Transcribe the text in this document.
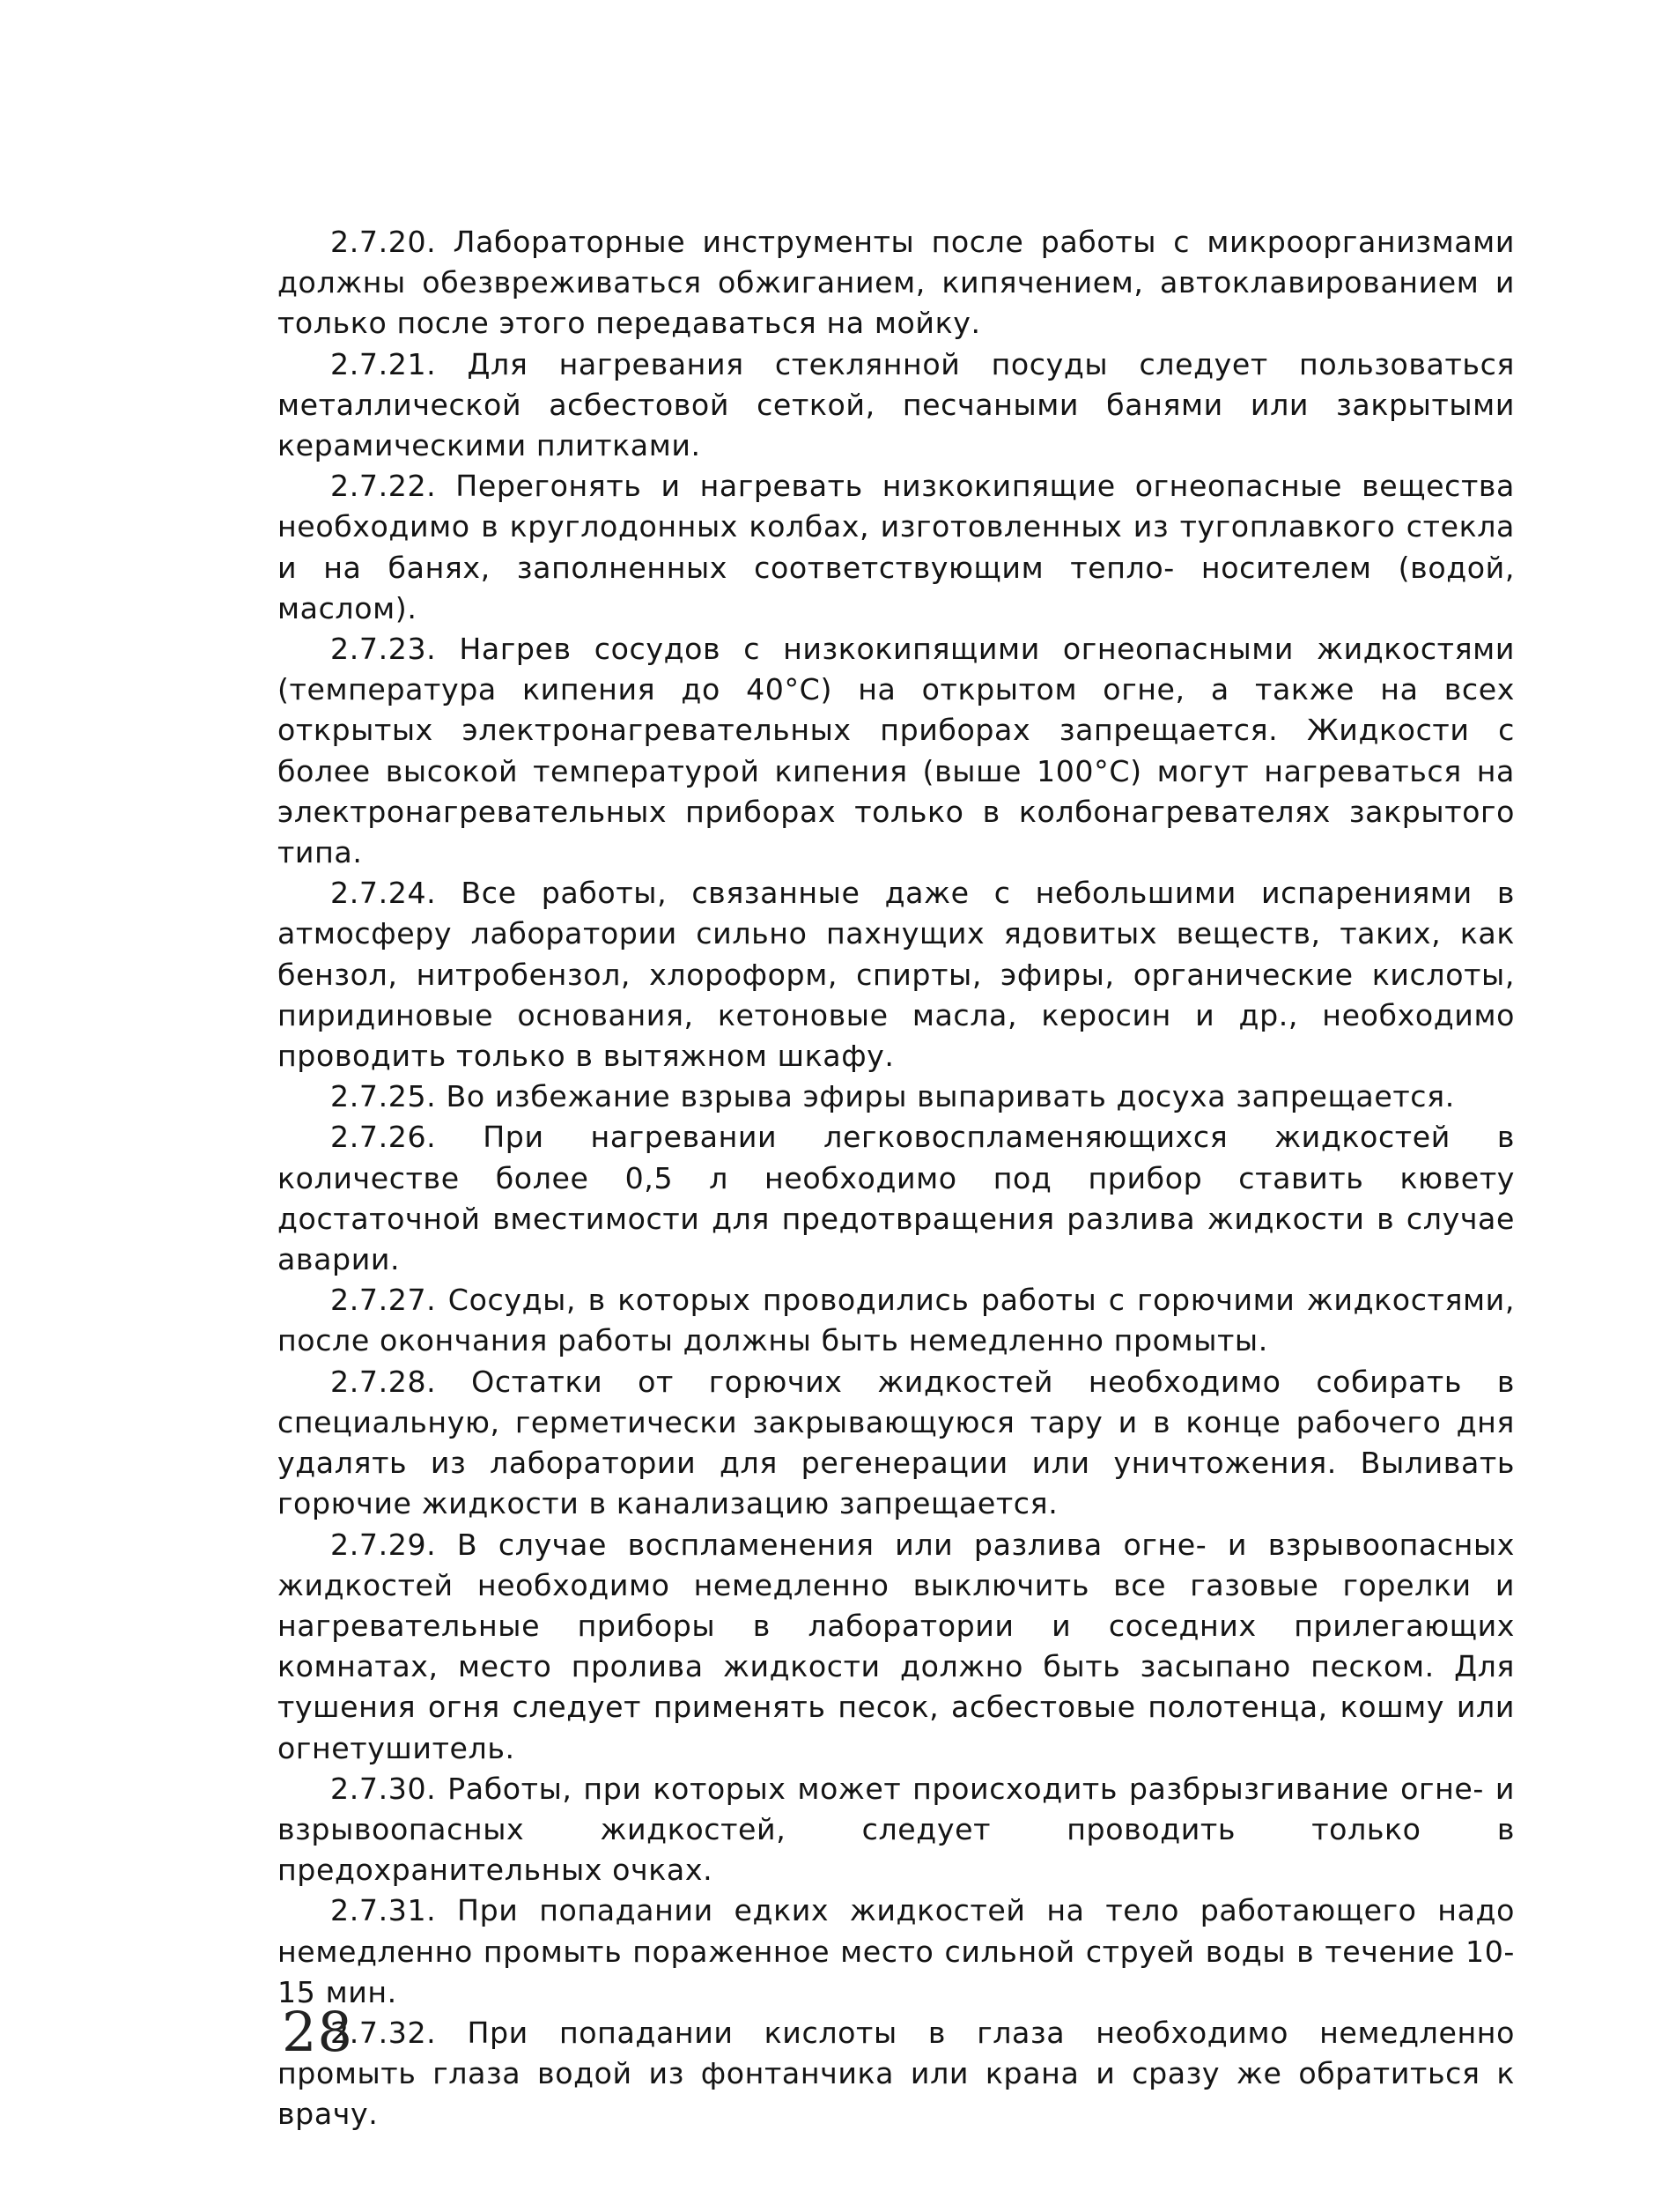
2.7.20. Лабораторные инструменты после работы с микроорганизмами должны обезвреживаться обжиганием, кипячением, автоклавированием и только после этого передаваться на мойку.

2.7.21. Для нагревания стеклянной посуды следует пользоваться металлической асбестовой сеткой, песчаными банями или закрытыми керамическими плитками.

2.7.22. Перегонять и нагревать низкокипящие огнеопасные вещества необходимо в круглодонных колбах, изготовленных из тугоплавкого стекла и на банях, заполненных соответствующим тепло- носителем (водой, маслом).

2.7.23. Нагрев сосудов с низкокипящими огнеопасными жидкостями (температура кипения до 40°С) на открытом огне, а также на всех открытых электронагревательных приборах запрещается. Жидкости с более высокой температурой кипения (выше 100°С) могут нагреваться на электронагревательных приборах только в колбонагревателях закрытого типа.

2.7.24. Все работы, связанные даже с небольшими испарениями в атмосферу лаборатории сильно пахнущих ядовитых веществ, таких, как бензол, нитробензол, хлороформ, спирты, эфиры, органические кислоты, пиридиновые основания, кетоновые масла, керосин и др., необходимо проводить только в вытяжном шкафу.

2.7.25. Во избежание взрыва эфиры выпаривать досуха запрещается.

2.7.26. При нагревании легковоспламеняющихся жидкостей в количестве более 0,5 л необходимо под прибор ставить кювету достаточной вместимости для предотвращения разлива жидкости в случае аварии.

2.7.27. Сосуды, в которых проводились работы с горючими жидкостями, после окончания работы должны быть немедленно промыты.

2.7.28. Остатки от горючих жидкостей необходимо собирать в специальную, герметически закрывающуюся тару и в конце рабочего дня удалять из лаборатории для регенерации или уничтожения. Выливать горючие жидкости в канализацию запрещается.

2.7.29. В случае воспламенения или разлива огне- и взрывоопасных жидкостей необходимо немедленно выключить все газовые горелки и нагревательные приборы в лаборатории и соседних прилегающих комнатах, место пролива жидкости должно быть засыпано песком. Для тушения огня следует применять песок, асбестовые полотенца, кошму или огнетушитель.

2.7.30. Работы, при которых может происходить разбрызгивание огне- и взрывоопасных жидкостей, следует проводить только в предохранительных очках.

2.7.31. При попадании едких жидкостей на тело работающего надо немедленно промыть пораженное место сильной струей воды в течение 10-15 мин.

2.7.32. При попадании кислоты в глаза необходимо немедленно промыть глаза водой из фонтанчика или крана и сразу же обратиться к врачу.

28
